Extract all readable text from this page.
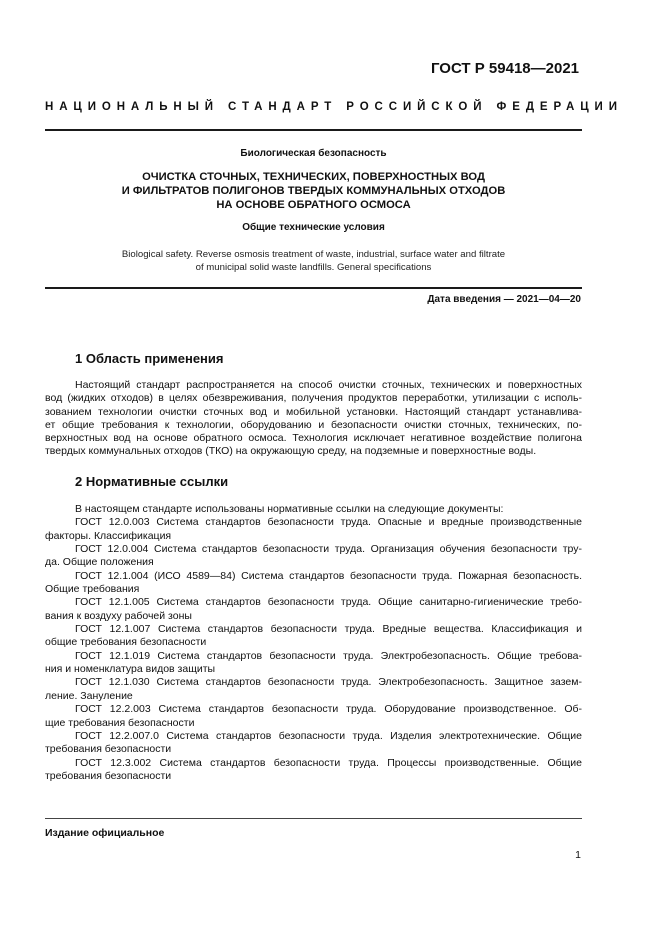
ГОСТ Р 59418—2021
НАЦИОНАЛЬНЫЙ СТАНДАРТ РОССИЙСКОЙ ФЕДЕРАЦИИ
Биологическая безопасность
ОЧИСТКА СТОЧНЫХ, ТЕХНИЧЕСКИХ, ПОВЕРХНОСТНЫХ ВОД
И ФИЛЬТРАТОВ ПОЛИГОНОВ ТВЕРДЫХ КОММУНАЛЬНЫХ ОТХОДОВ
НА ОСНОВЕ ОБРАТНОГО ОСМОСА
Общие технические условия
Biological safety. Reverse osmosis treatment of waste, industrial, surface water and filtrate
of municipal solid waste landfills. General specifications
Дата введения — 2021—04—20
1 Область применения
Настоящий стандарт распространяется на способ очистки сточных, технических и поверхностных
вод (жидких отходов) в целях обезвреживания, получения продуктов переработки, утилизации с исполь-
зованием технологии очистки сточных вод и мобильной установки. Настоящий стандарт устанавлива-
ет общие требования к технологии, оборудованию и безопасности очистки сточных, технических, по-
верхностных вод на основе обратного осмоса. Технология исключает негативное воздействие полигона
твердых коммунальных отходов (ТКО) на окружающую среду, на подземные и поверхностные воды.
2 Нормативные ссылки
В настоящем стандарте использованы нормативные ссылки на следующие документы:
ГОСТ 12.0.003 Система стандартов безопасности труда. Опасные и вредные производственные
факторы. Классификация
ГОСТ 12.0.004 Система стандартов безопасности труда. Организация обучения безопасности тру-
да. Общие положения
ГОСТ 12.1.004 (ИСО 4589—84) Система стандартов безопасности труда. Пожарная безопасность.
Общие требования
ГОСТ 12.1.005 Система стандартов безопасности труда. Общие санитарно-гигиенические требо-
вания к воздуху рабочей зоны
ГОСТ 12.1.007 Система стандартов безопасности труда. Вредные вещества. Классификация и
общие требования безопасности
ГОСТ 12.1.019 Система стандартов безопасности труда. Электробезопасность. Общие требова-
ния и номенклатура видов защиты
ГОСТ 12.1.030 Система стандартов безопасности труда. Электробезопасность. Защитное зазем-
ление. Зануление
ГОСТ 12.2.003 Система стандартов безопасности труда. Оборудование производственное. Об-
щие требования безопасности
ГОСТ 12.2.007.0 Система стандартов безопасности труда. Изделия электротехнические. Общие
требования безопасности
ГОСТ 12.3.002 Система стандартов безопасности труда. Процессы производственные. Общие
требования безопасности
Издание официальное
1
